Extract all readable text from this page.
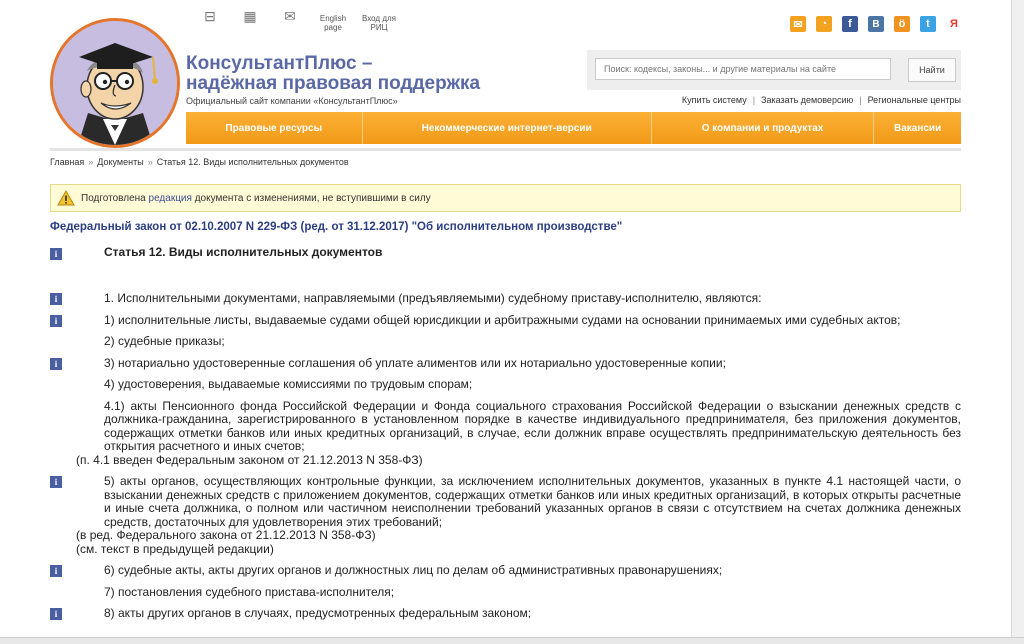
⊟ ▦ ✉	English page
Вход для РИЦ	✉	◔	f	B	ö	t	Я
КонсультантПлюс –
надёжная правовая поддержка
Официальный сайт компании «КонсультантПлюс»
Поиск: кодексы, законы... и другие материалы на сайте
Найти
Купить систему | Заказать демоверсию | Региональные центры
Правовые ресурсы	Некоммерческие интернет-версии	О компании и продуктах	Вакансии
Главная » Документы » Статья 12. Виды исполнительных документов
Подготовлена редакция документа с изменениями, не вступившими в силу
Федеральный закон от 02.10.2007 N 229-ФЗ (ред. от 31.12.2017) "Об исполнительном производстве"
i	Статья 12. Виды исполнительных документов
i	1. Исполнительными документами, направляемыми (предъявляемыми) судебному приставу-исполнителю, являются:
i	1) исполнительные листы, выдаваемые судами общей юрисдикции и арбитражными судами на основании принимаемых ими судебных актов;
2) судебные приказы;
i	3) нотариально удостоверенные соглашения об уплате алиментов или их нотариально удостоверенные копии;
4) удостоверения, выдаваемые комиссиями по трудовым спорам;
4.1) акты Пенсионного фонда Российской Федерации и Фонда социального страхования Российской Федерации о взыскании денежных средств с должника-гражданина, зарегистрированного в установленном порядке в качестве индивидуального предпринимателя, без приложения документов, содержащих отметки банков или иных кредитных организаций, в случае, если должник вправе осуществлять предпринимательскую деятельность без открытия расчетного и иных счетов;
(п. 4.1 введен Федеральным законом от 21.12.2013 N 358-ФЗ)
i	5) акты органов, осуществляющих контрольные функции, за исключением исполнительных документов, указанных в пункте 4.1 настоящей части, о взыскании денежных средств с приложением документов, содержащих отметки банков или иных кредитных организаций, в которых открыты расчетные и иные счета должника, о полном или частичном неисполнении требований указанных органов в связи с отсутствием на счетах должника денежных средств, достаточных для удовлетворения этих требований;
(в ред. Федерального закона от 21.12.2013 N 358-ФЗ)
(см. текст в предыдущей редакции)
i	6) судебные акты, акты других органов и должностных лиц по делам об административных правонарушениях;
7) постановления судебного пристава-исполнителя;
i	8) акты других органов в случаях, предусмотренных федеральным законом;
